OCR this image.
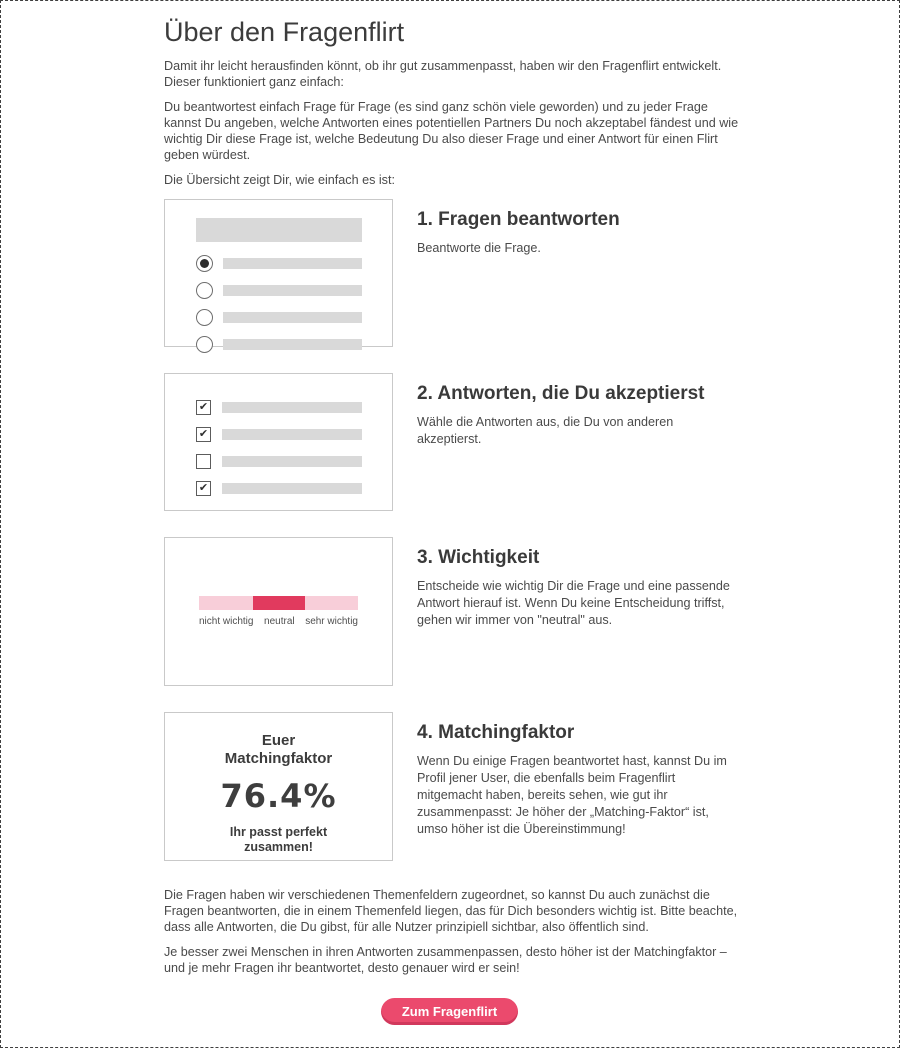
Über den Fragenflirt

Damit ihr leicht herausfinden könnt, ob ihr gut zusammenpasst, haben wir den Fragenflirt entwickelt. Dieser funktioniert ganz einfach:

Du beantwortest einfach Frage für Frage (es sind ganz schön viele geworden) und zu jeder Frage kannst Du angeben, welche Antworten eines potentiellen Partners Du noch akzeptabel fändest und wie wichtig Dir diese Frage ist, welche Bedeutung Du also dieser Frage und einer Antwort für einen Flirt geben würdest.

Die Übersicht zeigt Dir, wie einfach es ist:

1. Fragen beantworten

Beantworte die Frage.

✔
✔
✔
2. Antworten, die Du akzeptierst

Wähle die Antworten aus, die Du von anderen akzeptierst.

nicht wichtig	neutral	sehr wichtig
3. Wichtigkeit

Entscheide wie wichtig Dir die Frage und eine passende Antwort hierauf ist. Wenn Du keine Entscheidung triffst, gehen wir immer von "neutral" aus.

Euer
Matchingfaktor
76.4%
Ihr passt perfekt
zusammen!
4. Matchingfaktor

Wenn Du einige Fragen beantwortet hast, kannst Du im Profil jener User, die ebenfalls beim Fragenflirt mitgemacht haben, bereits sehen, wie gut ihr zusammenpasst: Je höher der „Matching-Faktor“ ist, umso höher ist die Übereinstimmung!

Die Fragen haben wir verschiedenen Themenfeldern zugeordnet, so kannst Du auch zunächst die Fragen beantworten, die in einem Themenfeld liegen, das für Dich besonders wichtig ist. Bitte beachte, dass alle Antworten, die Du gibst, für alle Nutzer prinzipiell sichtbar, also öffentlich sind.

Je besser zwei Menschen in ihren Antworten zusammenpassen, desto höher ist der Matchingfaktor – und je mehr Fragen ihr beantwortet, desto genauer wird er sein!

Zum Fragenflirt
